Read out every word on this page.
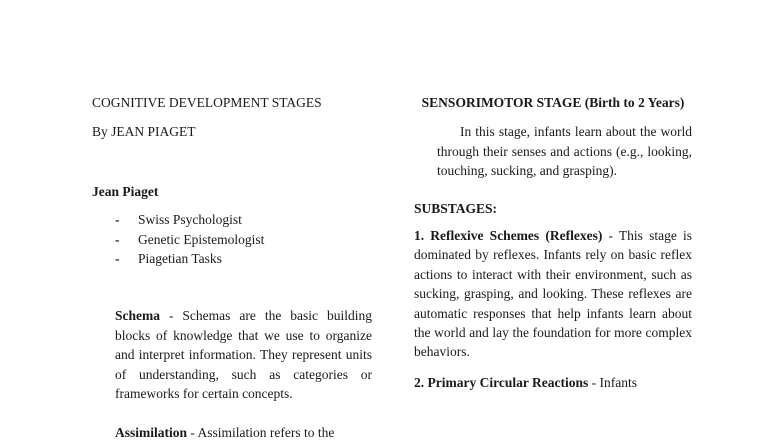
COGNITIVE DEVELOPMENT STAGES
By JEAN PIAGET
Jean Piaget
- Swiss Psychologist
- Genetic Epistemologist
- Piagetian Tasks
Schema - Schemas are the basic building blocks of knowledge that we use to organize and interpret information. They represent units of understanding, such as categories or frameworks for certain concepts.
Assimilation - Assimilation refers to the
SENSORIMOTOR STAGE (Birth to 2 Years)
In this stage, infants learn about the world through their senses and actions (e.g., looking, touching, sucking, and grasping).
SUBSTAGES:
1. Reflexive Schemes (Reflexes) - This stage is dominated by reflexes. Infants rely on basic reflex actions to interact with their environment, such as sucking, grasping, and looking. These reflexes are automatic responses that help infants learn about the world and lay the foundation for more complex behaviors.
2. Primary Circular Reactions - Infants
